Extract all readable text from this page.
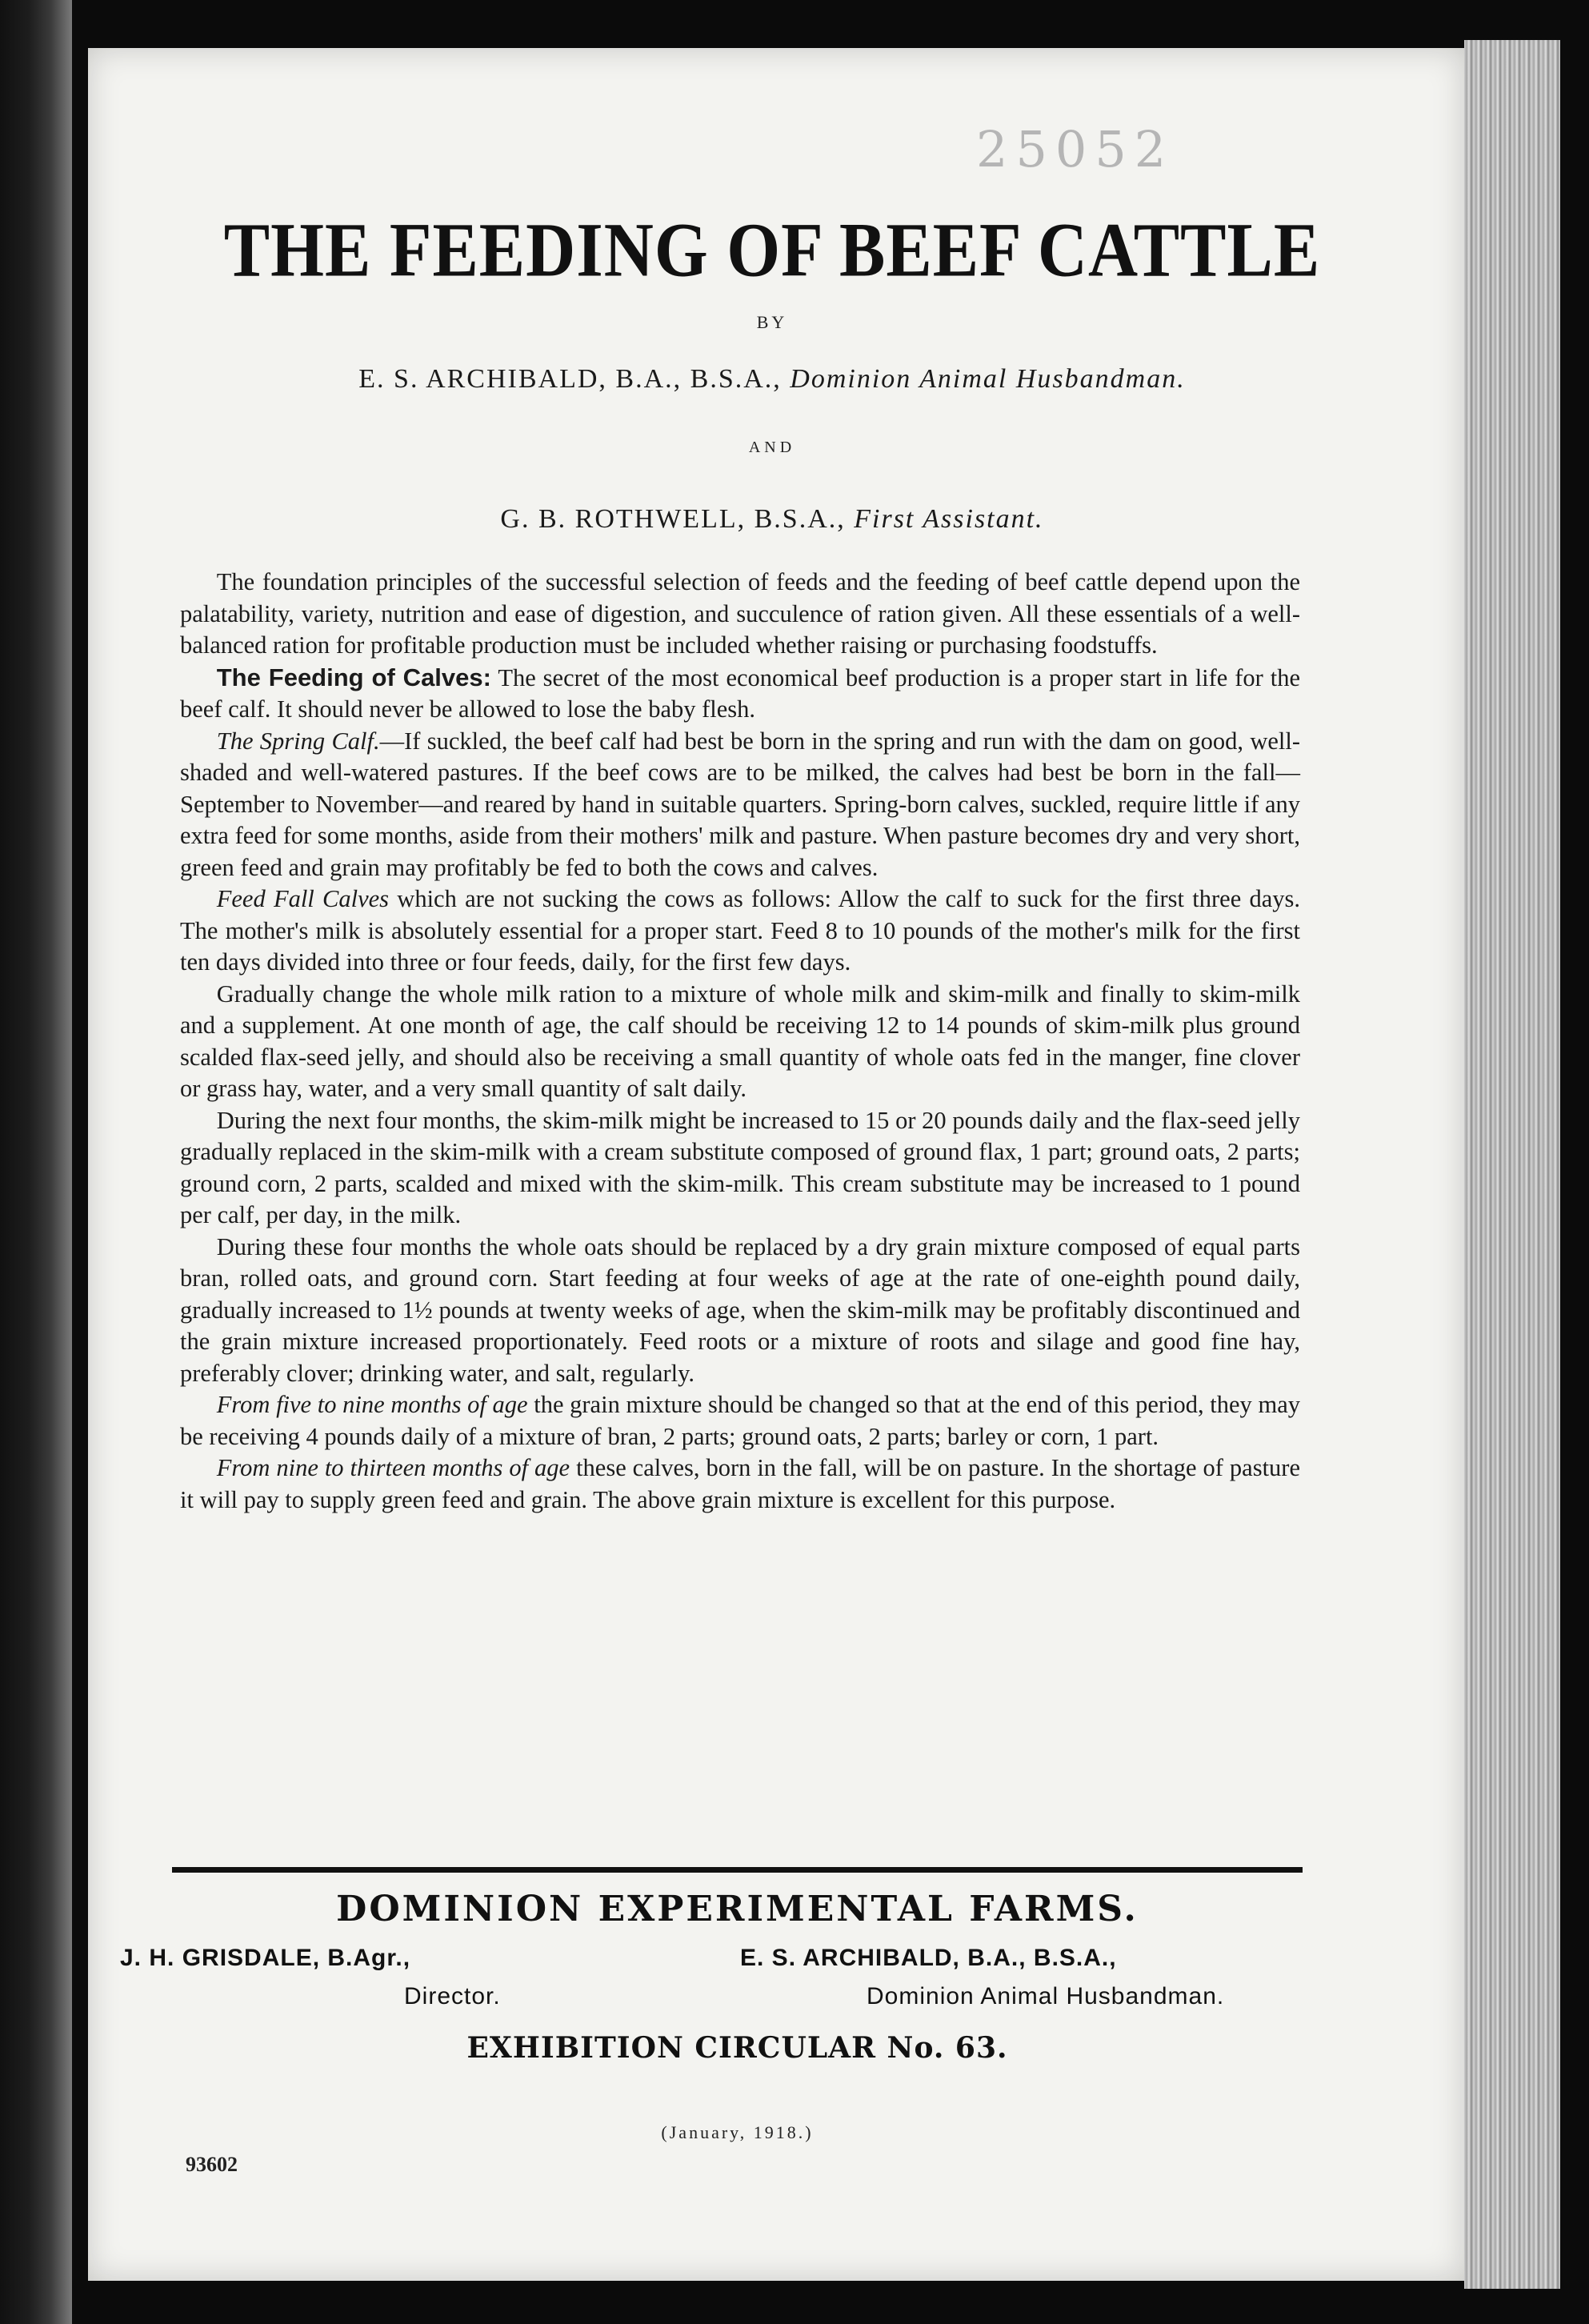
25052
THE FEEDING OF BEEF CATTLE
BY
E. S. ARCHIBALD, B.A., B.S.A., Dominion Animal Husbandman.
AND
G. B. ROTHWELL, B.S.A., First Assistant.

The foundation principles of the successful selection of feeds and the feeding of beef cattle depend upon the palatability, variety, nutrition and ease of digestion, and succulence of ration given. All these essentials of a well-balanced ration for profitable production must be included whether raising or purchasing foodstuffs.

The Feeding of Calves: The secret of the most economical beef production is a proper start in life for the beef calf. It should never be allowed to lose the baby flesh.

The Spring Calf.—If suckled, the beef calf had best be born in the spring and run with the dam on good, well-shaded and well-watered pastures. If the beef cows are to be milked, the calves had best be born in the fall—September to November—and reared by hand in suitable quarters. Spring-born calves, suckled, require little if any extra feed for some months, aside from their mothers' milk and pasture. When pasture becomes dry and very short, green feed and grain may profitably be fed to both the cows and calves.

Feed Fall Calves which are not sucking the cows as follows: Allow the calf to suck for the first three days. The mother's milk is absolutely essential for a proper start. Feed 8 to 10 pounds of the mother's milk for the first ten days divided into three or four feeds, daily, for the first few days.

Gradually change the whole milk ration to a mixture of whole milk and skim-milk and finally to skim-milk and a supplement. At one month of age, the calf should be receiving 12 to 14 pounds of skim-milk plus ground scalded flax-seed jelly, and should also be receiving a small quantity of whole oats fed in the manger, fine clover or grass hay, water, and a very small quantity of salt daily.

During the next four months, the skim-milk might be increased to 15 or 20 pounds daily and the flax-seed jelly gradually replaced in the skim-milk with a cream substitute composed of ground flax, 1 part; ground oats, 2 parts; ground corn, 2 parts, scalded and mixed with the skim-milk. This cream substitute may be increased to 1 pound per calf, per day, in the milk.

During these four months the whole oats should be replaced by a dry grain mixture composed of equal parts bran, rolled oats, and ground corn. Start feeding at four weeks of age at the rate of one-eighth pound daily, gradually increased to 1½ pounds at twenty weeks of age, when the skim-milk may be profitably discontinued and the grain mixture increased proportionately. Feed roots or a mixture of roots and silage and good fine hay, preferably clover; drinking water, and salt, regularly.

From five to nine months of age the grain mixture should be changed so that at the end of this period, they may be receiving 4 pounds daily of a mixture of bran, 2 parts; ground oats, 2 parts; barley or corn, 1 part.

From nine to thirteen months of age these calves, born in the fall, will be on pasture. In the shortage of pasture it will pay to supply green feed and grain. The above grain mixture is excellent for this purpose.

DOMINION EXPERIMENTAL FARMS.
J. H. GRISDALE, B.Agr.,
Director.
E. S. ARCHIBALD, B.A., B.S.A.,
Dominion Animal Husbandman.
EXHIBITION CIRCULAR No. 63.
(January, 1918.)
93602
